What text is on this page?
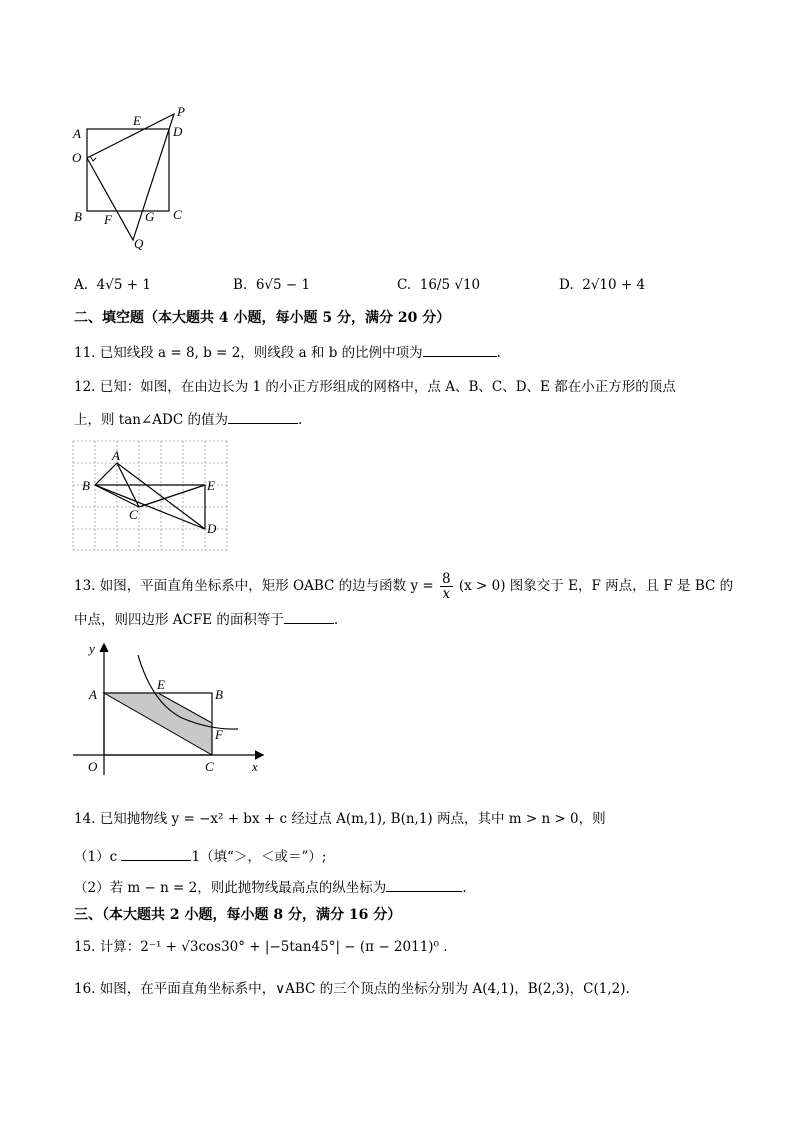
A
E
P
D
O
B F	G C
Q
A. 4√5 + 1	B. 6√5 − 1	C. 16/5 √10	D. 2√10 + 4
二、填空题（本大题共 4 小题，每小题 5 分，满分 20 分）
11. 已知线段 a = 8, b = 2，则线段 a 和 b 的比例中项为	.
12. 已知：如图，在由边长为 1 的小正方形组成的网格中，点 A、B、C、D、E 都在小正方形的顶点
上，则 tan∠ADC 的值为	.
A
B
C
D
E
13. 如图，平面直角坐标系中，矩形 OABC 的边与函数 $y = \frac{8}{x} (x > 0)$ 图象交于 E，F 两点，且 F 是 BC 的
中点，则四边形 ACFE 的面积等于	.
y
A
E
B
F
O	C	x
14. 已知抛物线 y = −x² + bx + c 经过点 A(m,1), B(n,1) 两点，其中 m > n > 0，则
（1）c	1（填“＞，＜或＝”）;
（2）若 m − n = 2，则此抛物线最高点的纵坐标为	.
三、（本大题共 2 小题，每小题 8 分，满分 16 分）
15. 计算：2⁻¹ + √3cos30° + |−5tan45°| − (π − 2011)⁰ .
16. 如图，在平面直角坐标系中，∨ABC 的三个顶点的坐标分别为 A(4,1)，B(2,3)，C(1,2).
